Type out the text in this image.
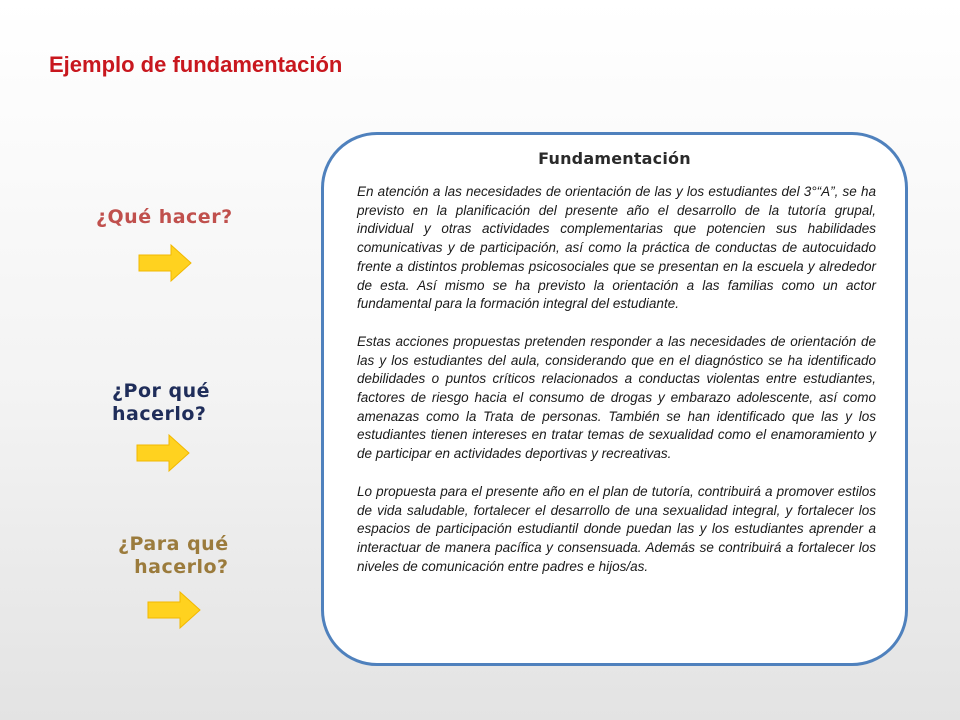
Ejemplo de fundamentación
¿Qué hacer?
¿Por qué
hacerlo?
¿Para qué
hacerlo?
Fundamentación

En atención a las necesidades de orientación de las y los estudiantes del 3°“A”, se ha previsto en la planificación del presente año el desarrollo de la tutoría grupal, individual y otras actividades complementarias que potencien sus habilidades comunicativas y de participación, así como la práctica de conductas de autocuidado frente a distintos problemas psicosociales que se presentan en la escuela y alrededor de esta. Así mismo se ha previsto la orientación a las familias como un actor fundamental para la formación integral del estudiante.

Estas acciones propuestas pretenden responder a las necesidades de orientación de las y los estudiantes del aula, considerando que en el diagnóstico se ha identificado debilidades o puntos críticos relacionados a conductas violentas entre estudiantes, factores de riesgo hacia el consumo de drogas y embarazo adolescente, así como amenazas como la Trata de personas. También se han identificado que las y los estudiantes tienen intereses en tratar temas de sexualidad como el enamoramiento y de participar en actividades deportivas y recreativas.

Lo propuesta para el presente año en el plan de tutoría, contribuirá a promover estilos de vida saludable, fortalecer el desarrollo de una sexualidad integral, y fortalecer los espacios de participación estudiantil donde puedan las y los estudiantes aprender a interactuar de manera pacífica y consensuada. Además se contribuirá a fortalecer los niveles de comunicación entre padres e hijos/as.
